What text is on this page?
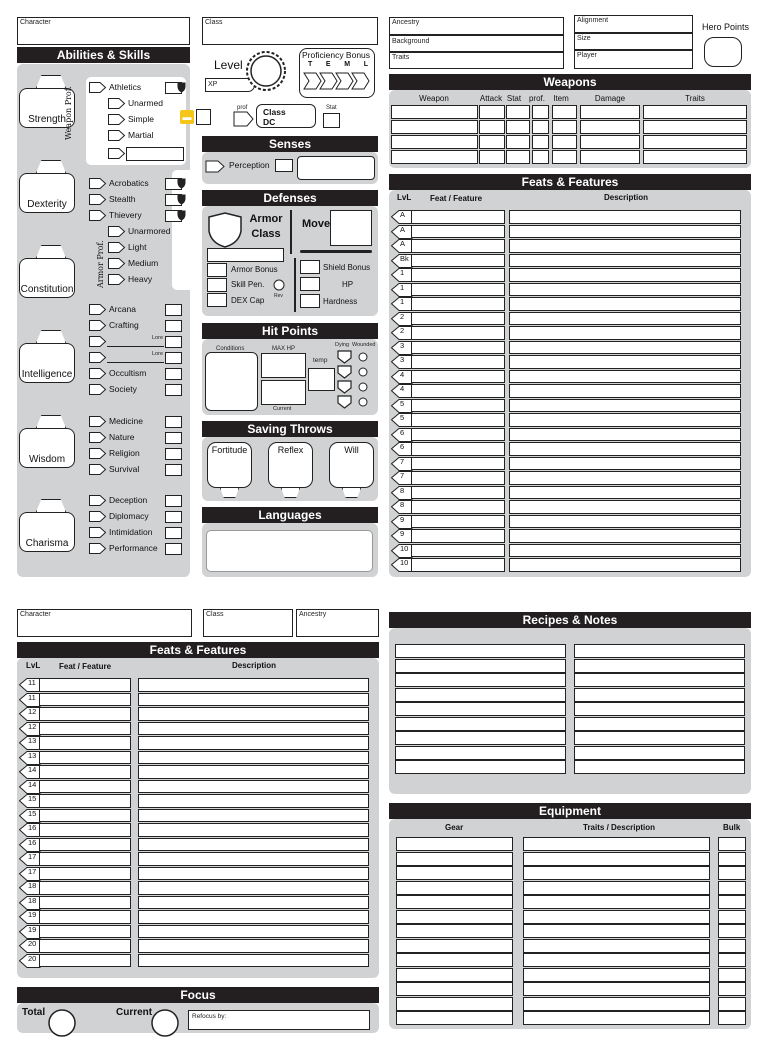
Character	Class	Ancestry
Background
Traits
Alignment
Size
Player
Hero Points
Abilities & Skills
Strength
Dexterity
Constitution
Intelligence
Wisdom
Charisma
Athletics
Unarmed
Simple
Martial
Weapon Prof.
Acrobatics
Stealth
Thievery
Unarmored
Light
Medium
Heavy
Armor Prof.
Arcana
Crafting
Lore
Lore
Occultism
Society
Medicine
Nature
Religion
Survival
Deception
Diplomacy
Intimidation
Performance
Level
XP
Proficiency Bonus
T E M L
▬
prof Class DC
Stat
Senses
Perception
Defenses
Armor Class
Move
Armor Bonus
Skill Pen.
Rev
DEX Cap
Shield Bonus
HP
Hardness
Hit Points
Conditions	MAX HP
Current
temp
Dying Wounded
Saving Throws
Fortitude	Reflex	Will
Languages
Weapons
Weapon	Attack Stat prof.	Item	Damage	Traits
Feats & Features
LvL Feat / Feature	Description
A
A
A
Bk
1
1
1
2
2
3
3
4
4
5
5
6
6
7
7
8
8
9
9
10
10
Character	Class	Ancestry
Feats & Features
LvL Feat / Feature	Description
11
11
12
12
13
13
14
14
15
15
16
16
17
17
18
18
19
19
20
20
Focus
Total	Current	Refocus by:
Recipes & Notes
Equipment
Gear	Traits / Description	Bulk
